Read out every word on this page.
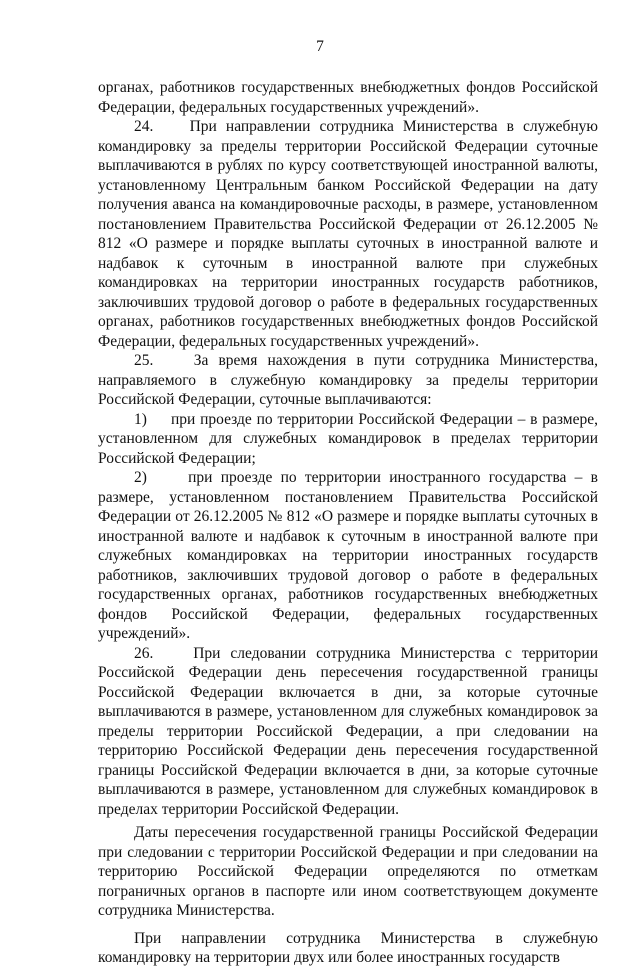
7

органах, работников государственных внебюджетных фондов Российской Федерации, федеральных государственных учреждений».

24.    При направлении сотрудника Министерства в служебную командировку за пределы территории Российской Федерации суточные выплачиваются в рублях по курсу соответствующей иностранной валюты, установленному Центральным банком Российской Федерации на дату получения аванса на командировочные расходы, в размере, установленном постановлением Правительства Российской Федерации от 26.12.2005 № 812 «О размере и порядке выплаты суточных в иностранной валюте и надбавок к суточным в иностранной валюте при служебных командировках на территории иностранных государств работников, заключивших трудовой договор о работе в федеральных государственных органах, работников государственных внебюджетных фондов Российской Федерации, федеральных государственных учреждений».

25.    За время нахождения в пути сотрудника Министерства, направляемого в служебную командировку за пределы территории Российской Федерации, суточные выплачиваются:

1)     при проезде по территории Российской Федерации – в размере, установленном для служебных командировок в пределах территории Российской Федерации;

2)     при проезде по территории иностранного государства – в размере, установленном постановлением Правительства Российской Федерации от 26.12.2005 № 812 «О размере и порядке выплаты суточных в иностранной валюте и надбавок к суточным в иностранной валюте при служебных командировках на территории иностранных государств работников, заключивших трудовой договор о работе в федеральных государственных органах, работников государственных внебюджетных фондов Российской Федерации, федеральных государственных учреждений».

26.    При следовании сотрудника Министерства с территории Российской Федерации день пересечения государственной границы Российской Федерации включается в дни, за которые суточные выплачиваются в размере, установленном для служебных командировок за пределы территории Российской Федерации, а при следовании на территорию Российской Федерации день пересечения государственной границы Российской Федерации включается в дни, за которые суточные выплачиваются в размере, установленном для служебных командировок в пределах территории Российской Федерации.

Даты пересечения государственной границы Российской Федерации при следовании с территории Российской Федерации и при следовании на территорию Российской Федерации определяются по отметкам пограничных органов в паспорте или ином соответствующем документе сотрудника Министерства.

При направлении сотрудника Министерства в служебную командировку на территории двух или более иностранных государств
